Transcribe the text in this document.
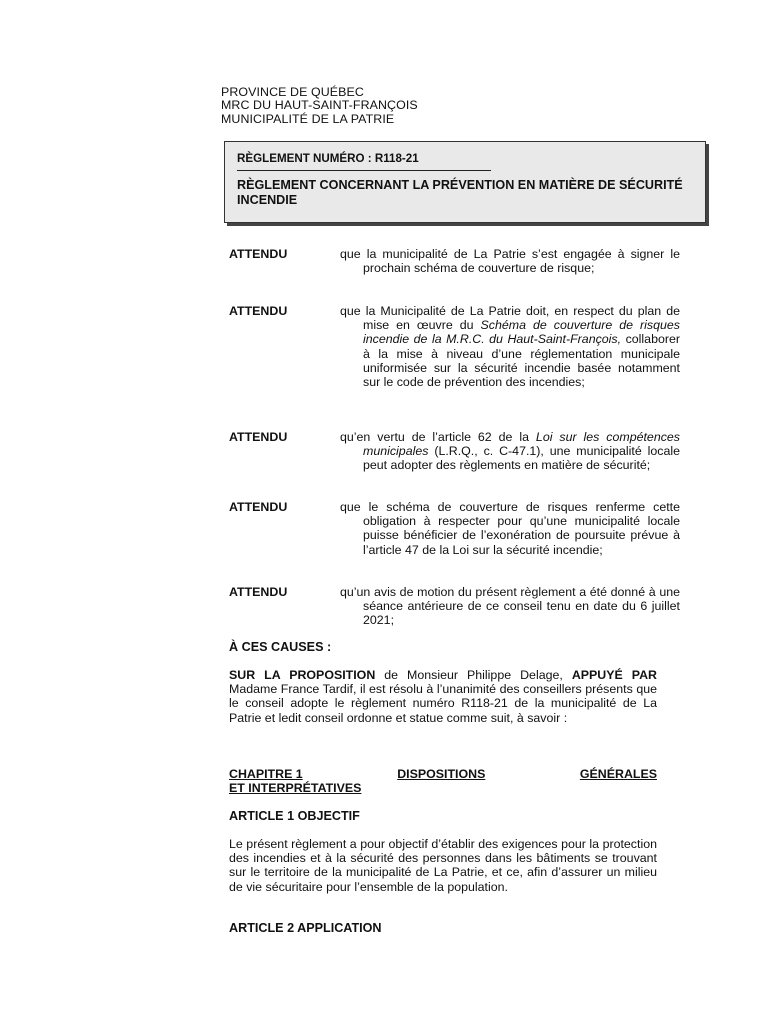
PROVINCE DE QUÉBEC
MRC DU HAUT-SAINT-FRANÇOIS
MUNICIPALITÉ DE LA PATRIE
RÈGLEMENT NUMÉRO : R118-21
RÈGLEMENT CONCERNANT LA PRÉVENTION EN MATIÈRE DE SÉCURITÉ INCENDIE
ATTENDU	que la municipalité de La Patrie s’est engagée à signer le prochain schéma de couverture de risque;
ATTENDU	que la Municipalité de La Patrie doit, en respect du plan de mise en œuvre du Schéma de couverture de risques incendie de la M.R.C. du Haut-Saint-François, collaborer à la mise à niveau d’une réglementation municipale uniformisée sur la sécurité incendie basée notamment sur le code de prévention des incendies;
ATTENDU	qu’en vertu de l’article 62 de la Loi sur les compétences municipales (L.R.Q., c. C-47.1), une municipalité locale peut adopter des règlements en matière de sécurité;
ATTENDU	que le schéma de couverture de risques renferme cette obligation à respecter pour qu’une municipalité locale puisse bénéficier de l’exonération de poursuite prévue à l’article 47 de la Loi sur la sécurité incendie;
ATTENDU	qu’un avis de motion du présent règlement a été donné à une séance antérieure de ce conseil tenu en date du 6 juillet 2021;
À CES CAUSES :
SUR LA PROPOSITION de Monsieur Philippe Delage, APPUYÉ PAR Madame France Tardif, il est résolu à l’unanimité des conseillers présents que le conseil adopte le règlement numéro R118-21 de la municipalité de La Patrie et ledit conseil ordonne et statue comme suit, à savoir :
CHAPITRE 1	DISPOSITIONS	GÉNÉRALES
ET INTERPRÉTATIVES
ARTICLE 1 OBJECTIF
Le présent règlement a pour objectif d’établir des exigences pour la protection des incendies et à la sécurité des personnes dans les bâtiments se trouvant sur le territoire de la municipalité de La Patrie, et ce, afin d’assurer un milieu de vie sécuritaire pour l’ensemble de la population.
ARTICLE 2 APPLICATION
